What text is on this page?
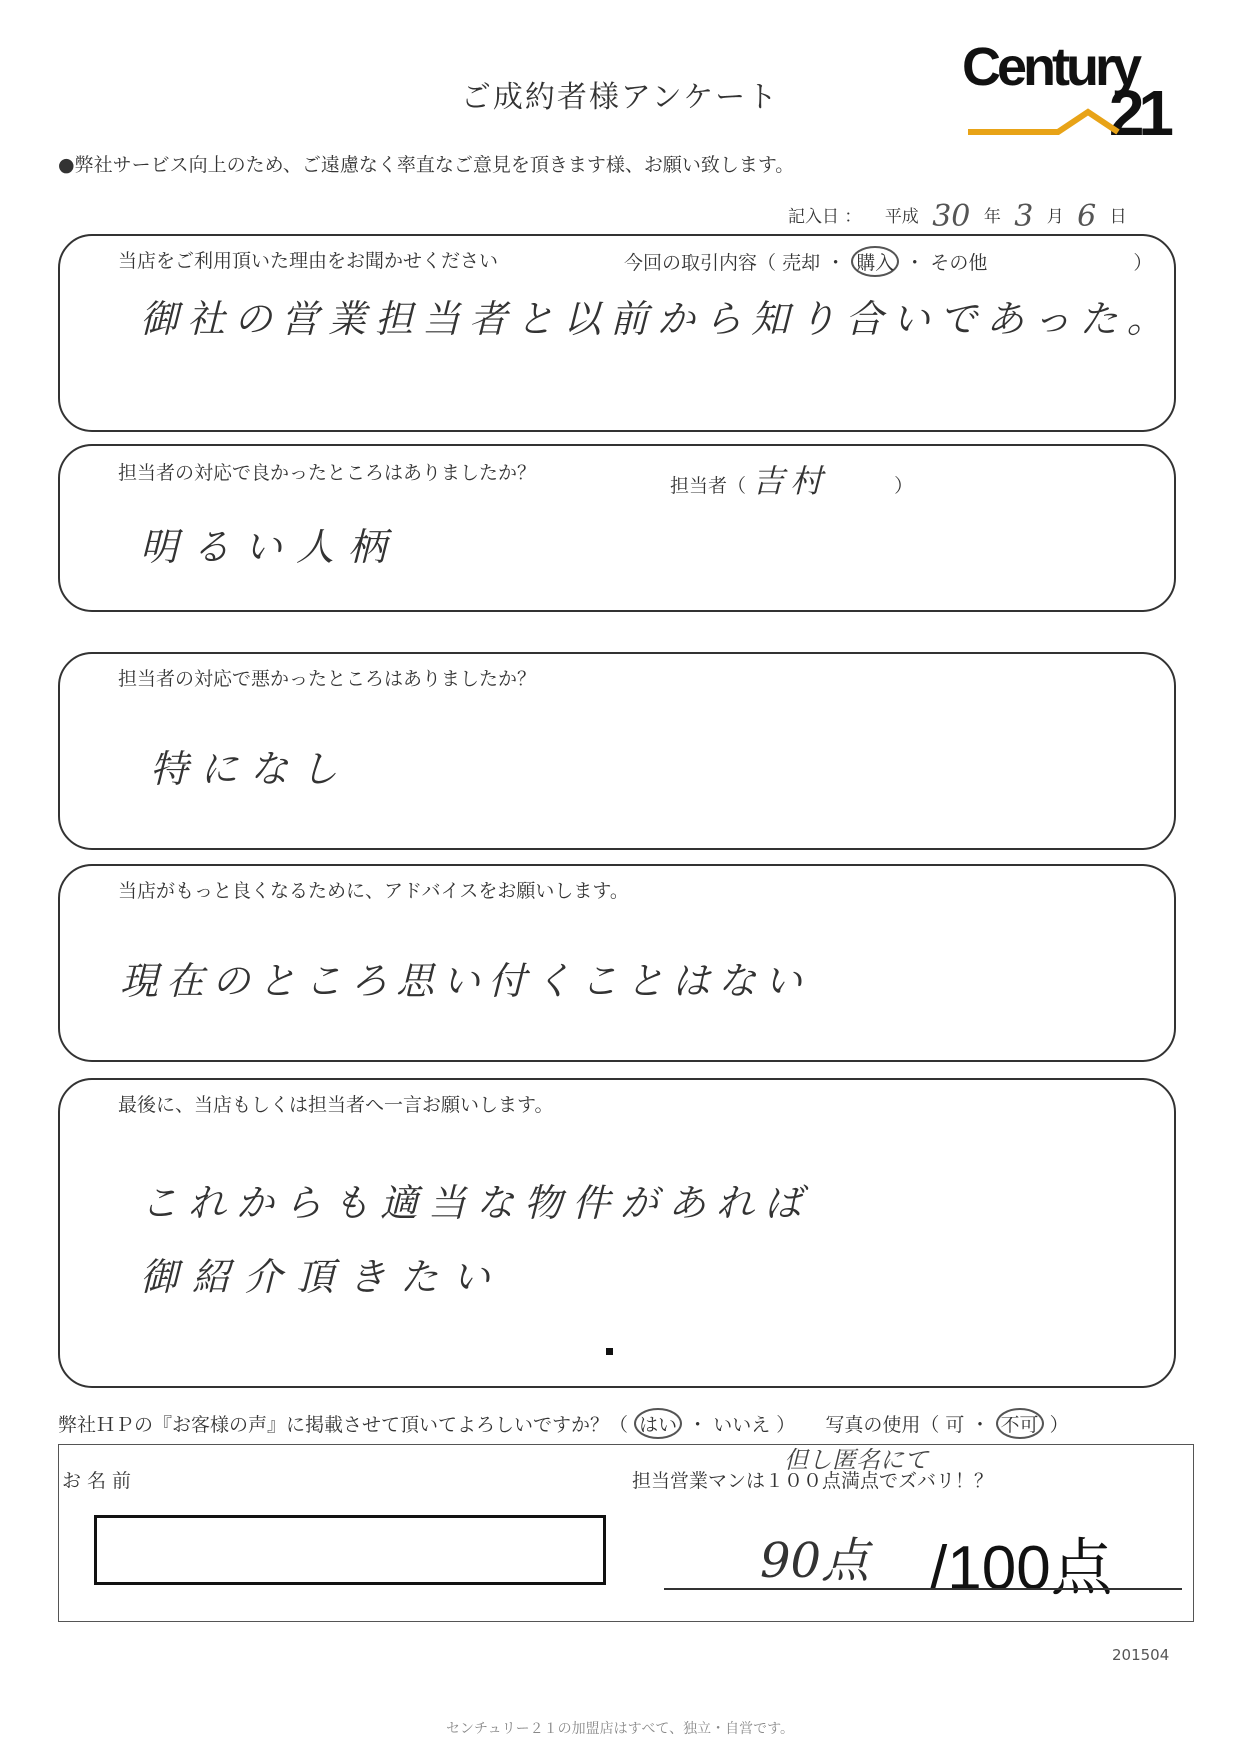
ご成約者様アンケート
Century
21
●弊社サービス向上のため、ご遠慮なく率直なご意見を頂きます様、お願い致します。
記入日 ： 平成 30 年 3 月 6 日
当店をご利用頂いた理由をお聞かせください	今回の取引内容（ 売却 ・ 購入 ・ その他	）
御社の営業担当者と以前から知り合いであった。
担当者の対応で良かったところはありましたか？
担当者（ 吉村	）
明るい人柄
担当者の対応で悪かったところはありましたか？
特になし
当店がもっと良くなるために、アドバイスをお願いします。
現在のところ思い付くことはない
最後に、当店もしくは担当者へ一言お願いします。
これからも適当な物件があれば
御紹介頂きたい
弊社ＨＰの『お客様の声』に掲載させて頂いてよろしいですか？（ はい ・ いいえ ） 写真の使用（ 可 ・ 不可 ）
お名前
但し匿名にて
担当営業マンは１００点満点でズバリ！？
90点 /100点
201504
センチュリー２１の加盟店はすべて、独立・自営です。
